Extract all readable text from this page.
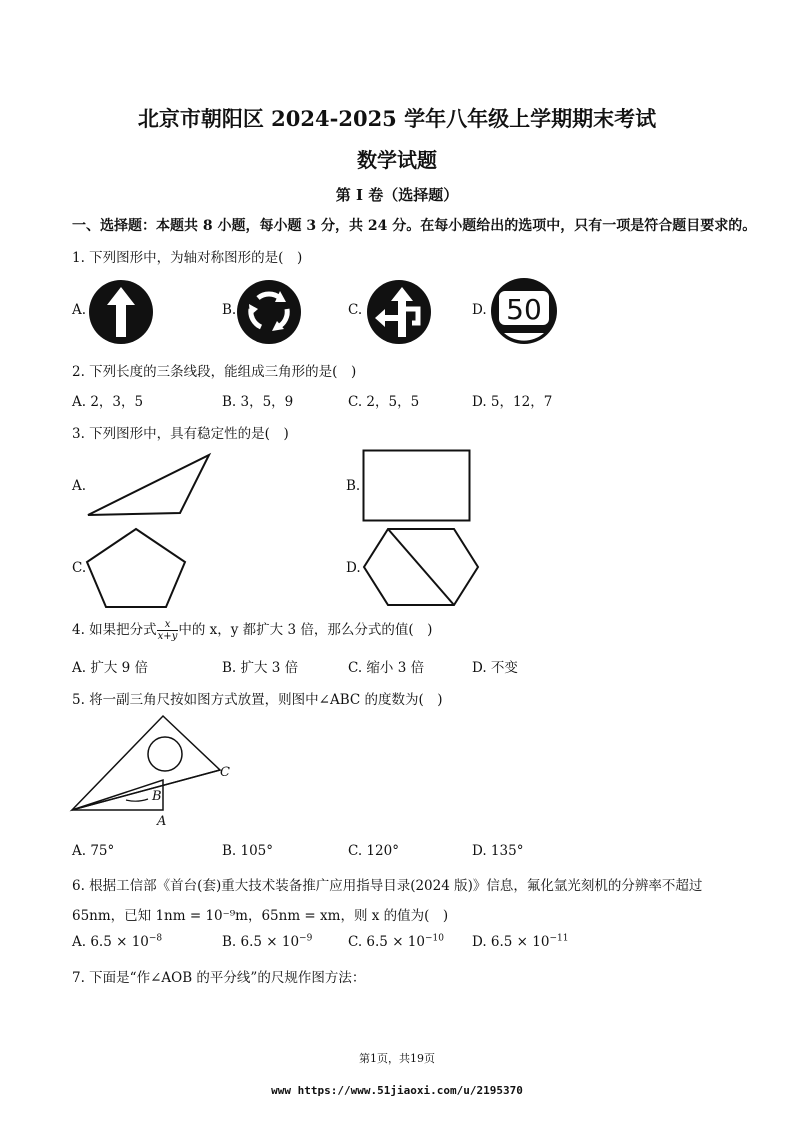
北京市朝阳区 2024-2025 学年八年级上学期期末考试
数学试题
第 I 卷（选择题）
一、选择题：本题共 8 小题，每小题 3 分，共 24 分。在每小题给出的选项中，只有一项是符合题目要求的。
1. 下列图形中，为轴对称图形的是(　)
A.	B.	C.	D. 50
2. 下列长度的三条线段，能组成三角形的是(　)
A. 2，3，5	B. 3，5，9	C. 2，5，5	D. 5，12，7
3. 下列图形中，具有稳定性的是(　)
A.	B.
C.	D.
4. 如果把分式 $\frac{x}{x+y}$ 中的 x，y 都扩大 3 倍，那么分式的值(　)
A. 扩大 9 倍	B. 扩大 3 倍	C. 缩小 3 倍	D. 不变
5. 将一副三角尺按如图方式放置，则图中∠ABC 的度数为(　)
B
C
A
A. 75°	B. 105°	C. 120°	D. 135°
6. 根据工信部《首台(套)重大技术装备推广应用指导目录(2024 版)》信息，氟化氩光刻机的分辨率不超过
65nm，已知 1nm = 10⁻⁹m，65nm = xm，则 x 的值为(　)
A. $6.5 \times 10^{-8}$	B. $6.5 \times 10^{-9}$	C. $6.5 \times 10^{-10}$ D. $6.5 \times 10^{-11}$
7. 下面是“作∠AOB 的平分线”的尺规作图方法：
第1页，共19页
www https://www.51jiaoxi.com/u/2195370
